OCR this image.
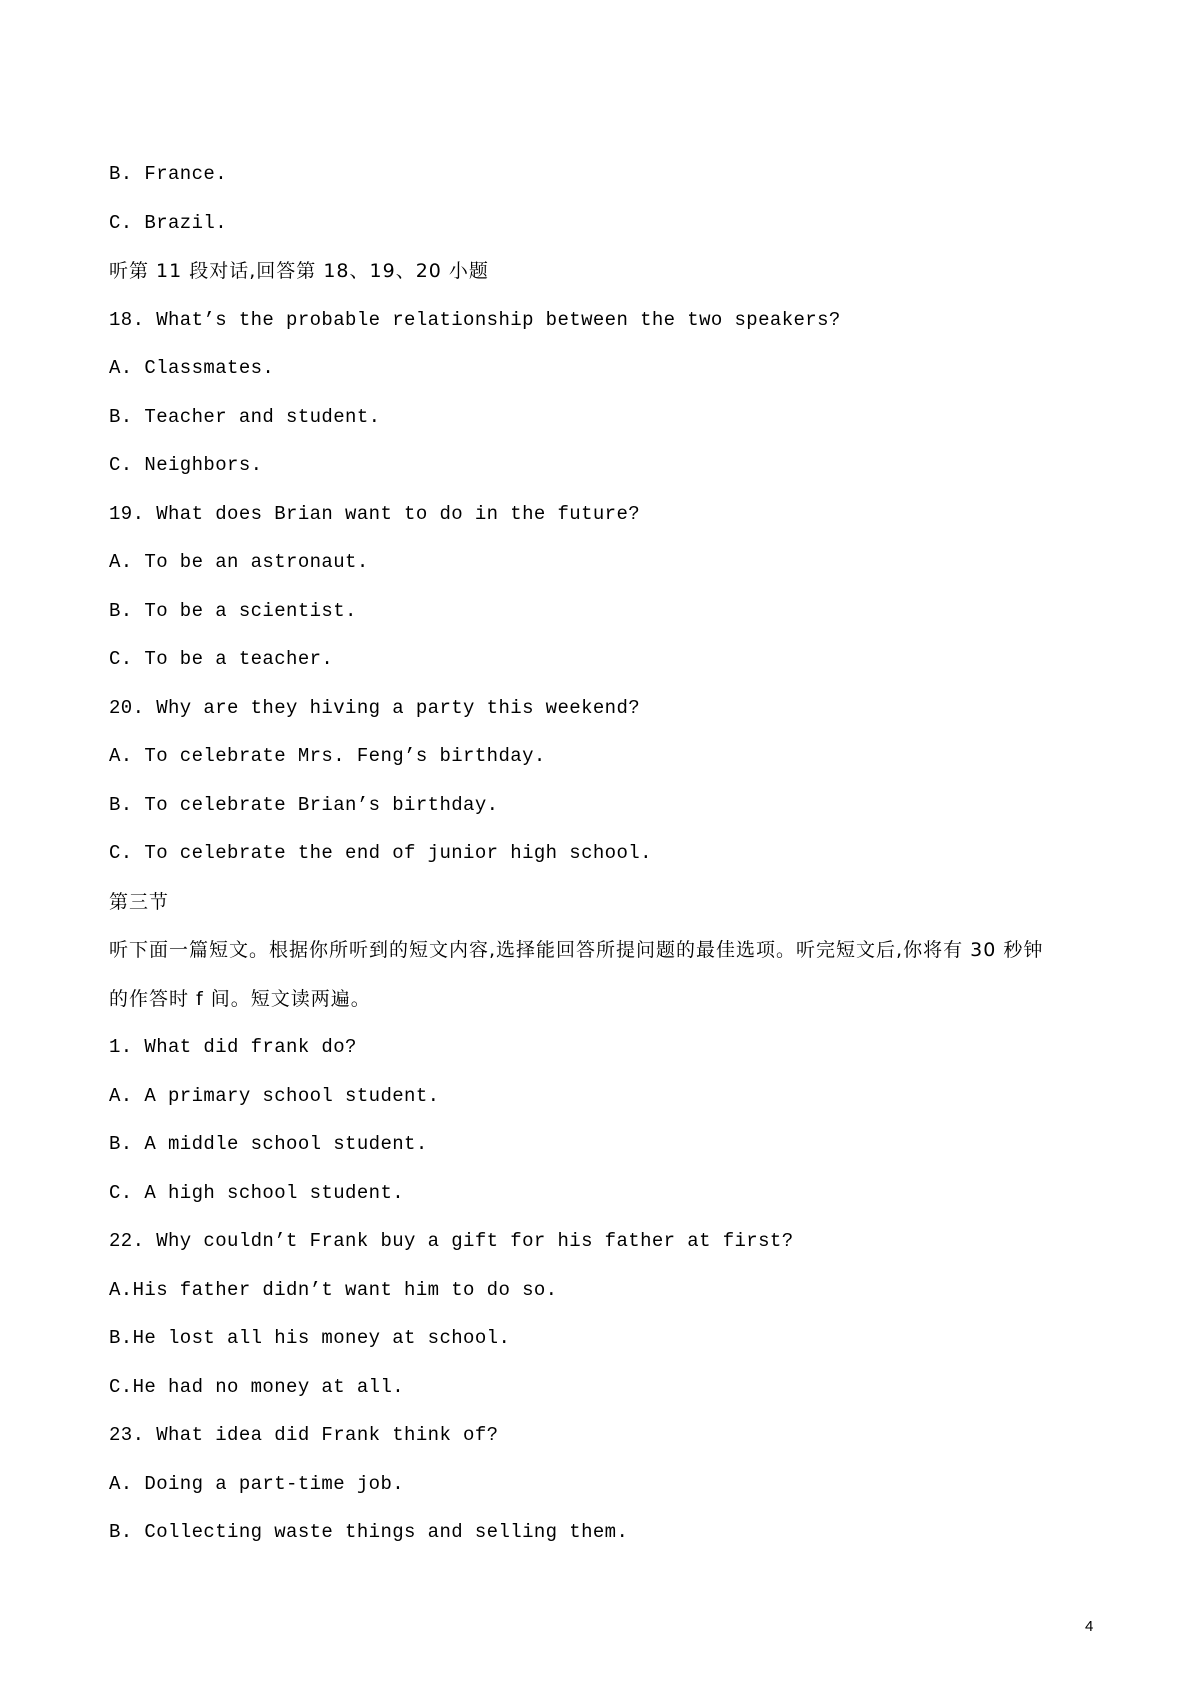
B. France.

C. Brazil.

听第 11 段对话,回答第 18、19、20 小题

18. What’s the probable relationship between the two speakers?

A. Classmates.

B. Teacher and student.

C. Neighbors.

19. What does Brian want to do in the future?

A. To be an astronaut.

B. To be a scientist.

C. To be a teacher.

20. Why are they hiving a party this weekend?

A. To celebrate Mrs. Feng’s birthday.

B. To celebrate Brian’s birthday.

C. To celebrate the end of junior high school.

第三节

听下面一篇短文。根据你所听到的短文内容,选择能回答所提问题的最佳选项。听完短文后,你将有 30 秒钟

的作答时 f 间。短文读两遍。

1. What did frank do?

A. A primary school student.

B. A middle school student.

C. A high school student.

22. Why couldn’t Frank buy a gift for his father at first?

A.His father didn’t want him to do so.

B.He lost all his money at school.

C.He had no money at all.

23. What idea did Frank think of?

A. Doing a part-time job.

B. Collecting waste things and selling them.

4
